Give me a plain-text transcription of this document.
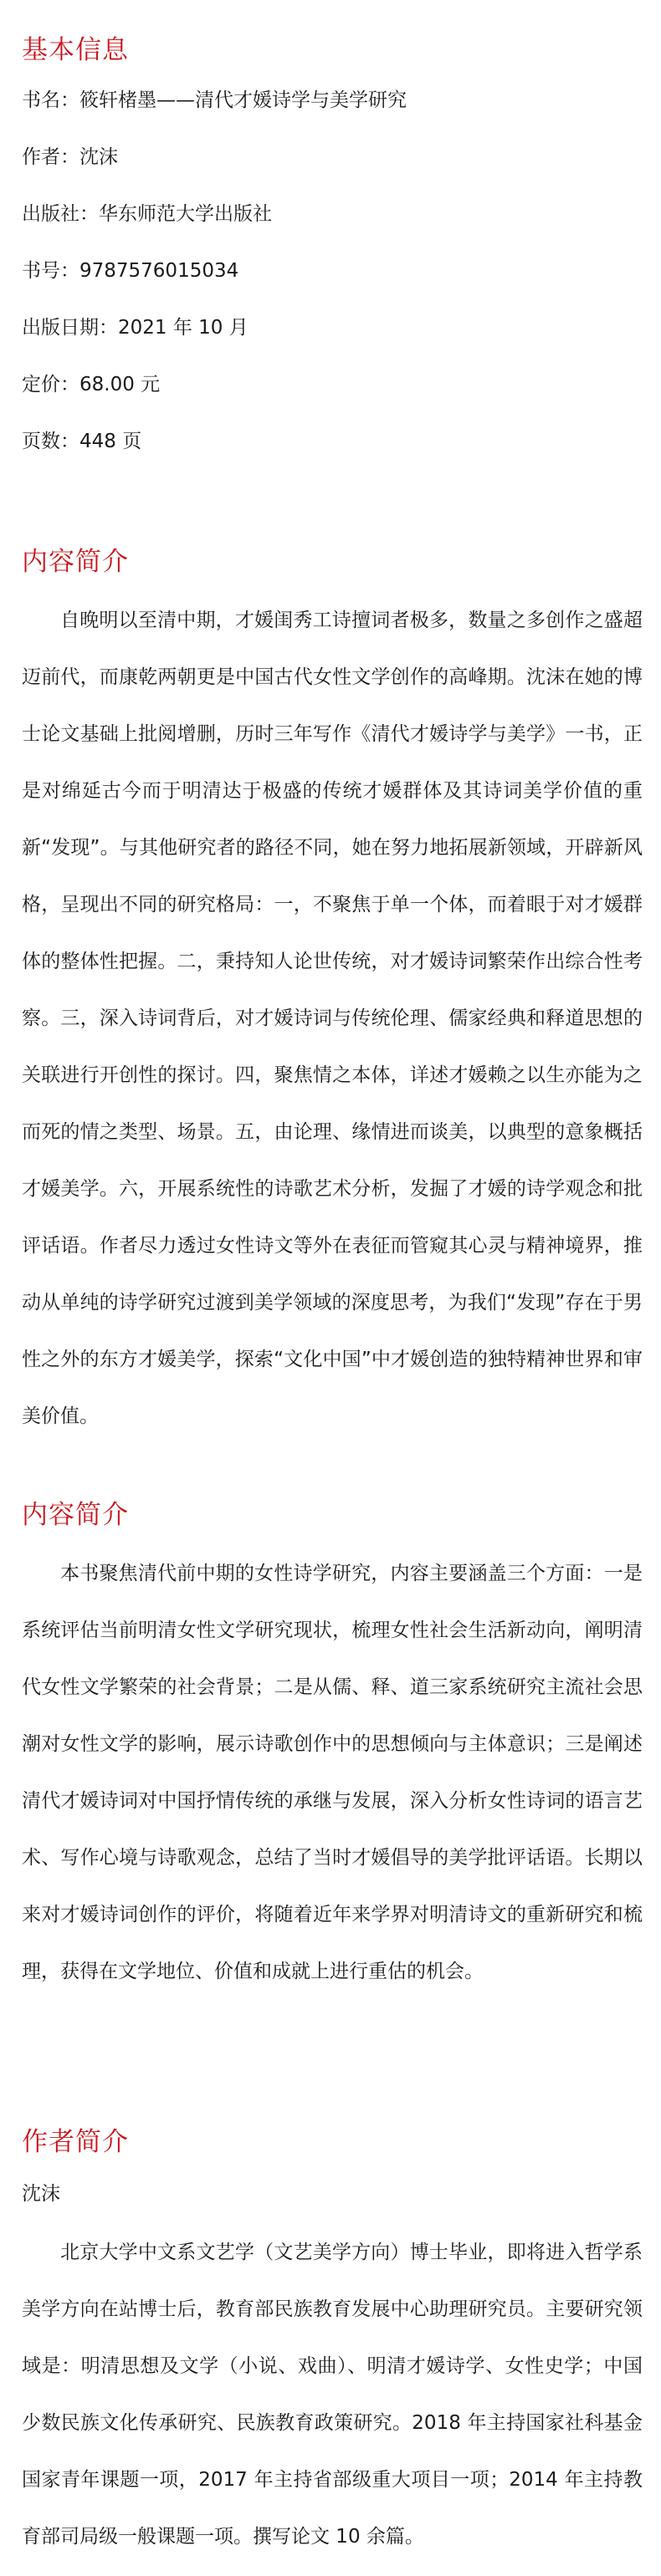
基本信息

书名：筱轩楮墨——清代才媛诗学与美学研究

作者：沈沫

出版社：华东师范大学出版社

书号：9787576015034

出版日期：2021 年 10 月

定价：68.00 元

页数：448 页

内容简介

自晚明以至清中期，才媛闺秀工诗擅词者极多，数量之多创作之盛超迈前代，而康乾两朝更是中国古代女性文学创作的高峰期。沈沫在她的博士论文基础上批阅增删，历时三年写作《清代才媛诗学与美学》一书，正是对绵延古今而于明清达于极盛的传统才媛群体及其诗词美学价值的重新“发现”。与其他研究者的路径不同，她在努力地拓展新领域，开辟新风格，呈现出不同的研究格局：一，不聚焦于单一个体，而着眼于对才媛群体的整体性把握。二，秉持知人论世传统，对才媛诗词繁荣作出综合性考察。三，深入诗词背后，对才媛诗词与传统伦理、儒家经典和释道思想的关联进行开创性的探讨。四，聚焦情之本体，详述才媛赖之以生亦能为之而死的情之类型、场景。五，由论理、缘情进而谈美，以典型的意象概括才媛美学。六，开展系统性的诗歌艺术分析，发掘了才媛的诗学观念和批评话语。作者尽力透过女性诗文等外在表征而管窥其心灵与精神境界，推动从单纯的诗学研究过渡到美学领域的深度思考，为我们“发现”存在于男性之外的东方才媛美学，探索“文化中国”中才媛创造的独特精神世界和审美价值。

内容简介

本书聚焦清代前中期的女性诗学研究，内容主要涵盖三个方面：一是系统评估当前明清女性文学研究现状，梳理女性社会生活新动向，阐明清代女性文学繁荣的社会背景；二是从儒、释、道三家系统研究主流社会思潮对女性文学的影响，展示诗歌创作中的思想倾向与主体意识；三是阐述清代才媛诗词对中国抒情传统的承继与发展，深入分析女性诗词的语言艺术、写作心境与诗歌观念，总结了当时才媛倡导的美学批评话语。长期以来对才媛诗词创作的评价，将随着近年来学界对明清诗文的重新研究和梳理，获得在文学地位、价值和成就上进行重估的机会。

作者简介

沈沫

北京大学中文系文艺学（文艺美学方向）博士毕业，即将进入哲学系美学方向在站博士后，教育部民族教育发展中心助理研究员。主要研究领域是：明清思想及文学（小说、戏曲）、明清才媛诗学、女性史学；中国少数民族文化传承研究、民族教育政策研究。2018 年主持国家社科基金国家青年课题一项，2017 年主持省部级重大项目一项；2014 年主持教育部司局级一般课题一项。撰写论文 10 余篇。
